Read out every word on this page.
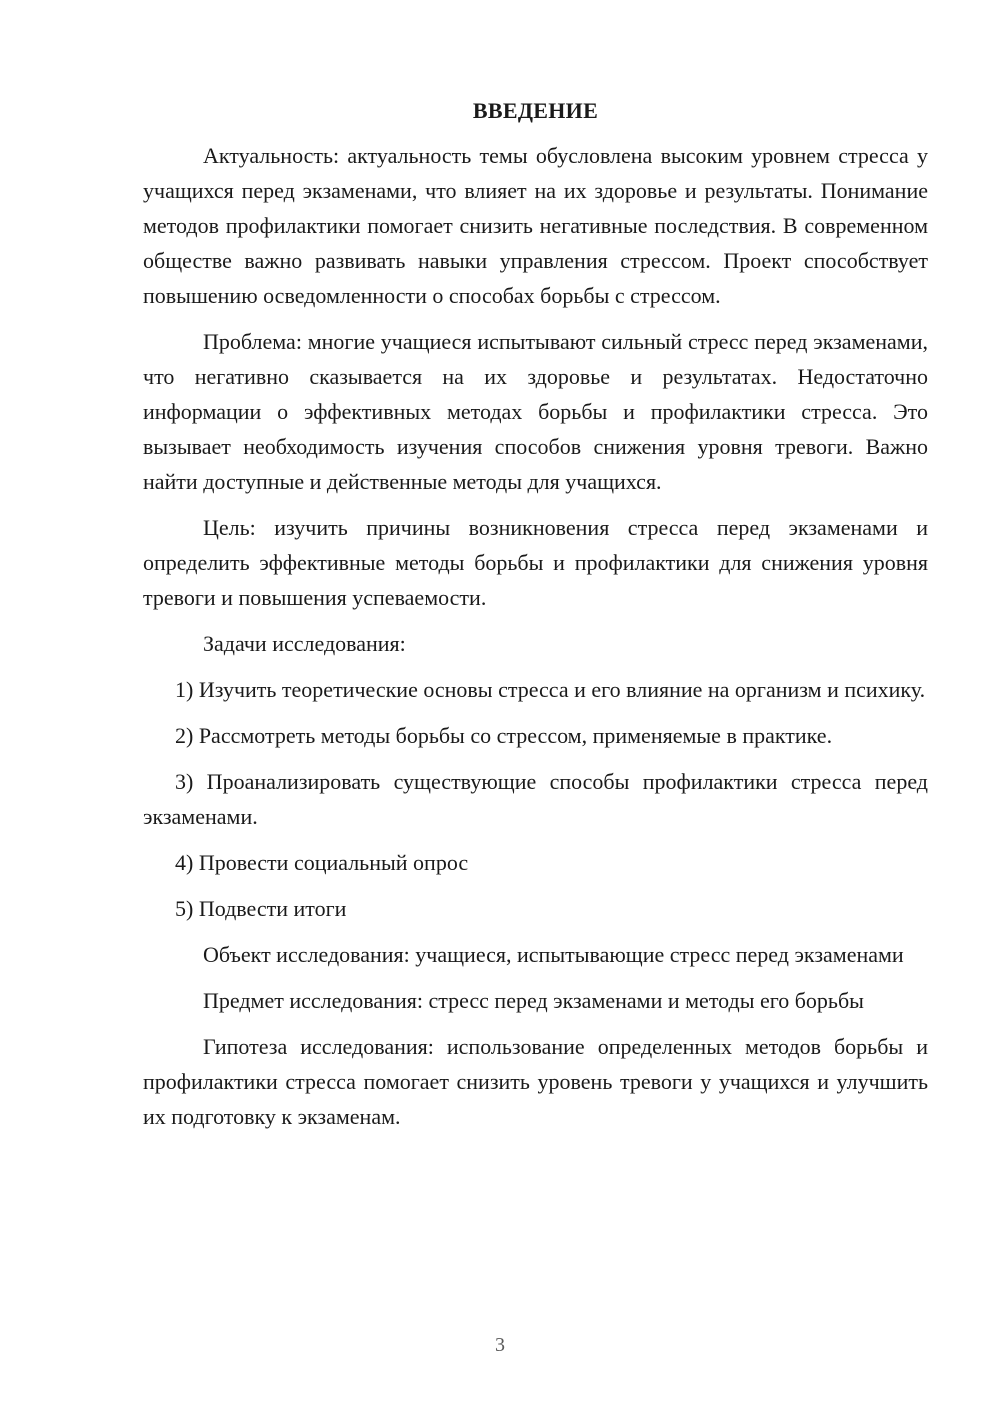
ВВЕДЕНИЕ

Актуальность: актуальность темы обусловлена высоким уровнем стресса у учащихся перед экзаменами, что влияет на их здоровье и результаты. Понимание методов профилактики помогает снизить негативные последствия. В современном обществе важно развивать навыки управления стрессом. Проект способствует повышению осведомленности о способах борьбы с стрессом.

Проблема: многие учащиеся испытывают сильный стресс перед экзаменами, что негативно сказывается на их здоровье и результатах. Недостаточно информации о эффективных методах борьбы и профилактики стресса. Это вызывает необходимость изучения способов снижения уровня тревоги. Важно найти доступные и действенные методы для учащихся.

Цель: изучить причины возникновения стресса перед экзаменами и определить эффективные методы борьбы и профилактики для снижения уровня тревоги и повышения успеваемости.

Задачи исследования:

1) Изучить теоретические основы стресса и его влияние на организм и психику.

2) Рассмотреть методы борьбы со стрессом, применяемые в практике.

3) Проанализировать существующие способы профилактики стресса перед экзаменами.

4) Провести социальный опрос

5) Подвести итоги

Объект исследования: учащиеся, испытывающие стресс перед экзаменами

Предмет исследования: стресс перед экзаменами и методы его борьбы

Гипотеза исследования: использование определенных методов борьбы и профилактики стресса помогает снизить уровень тревоги у учащихся и улучшить их подготовку к экзаменам.

3
